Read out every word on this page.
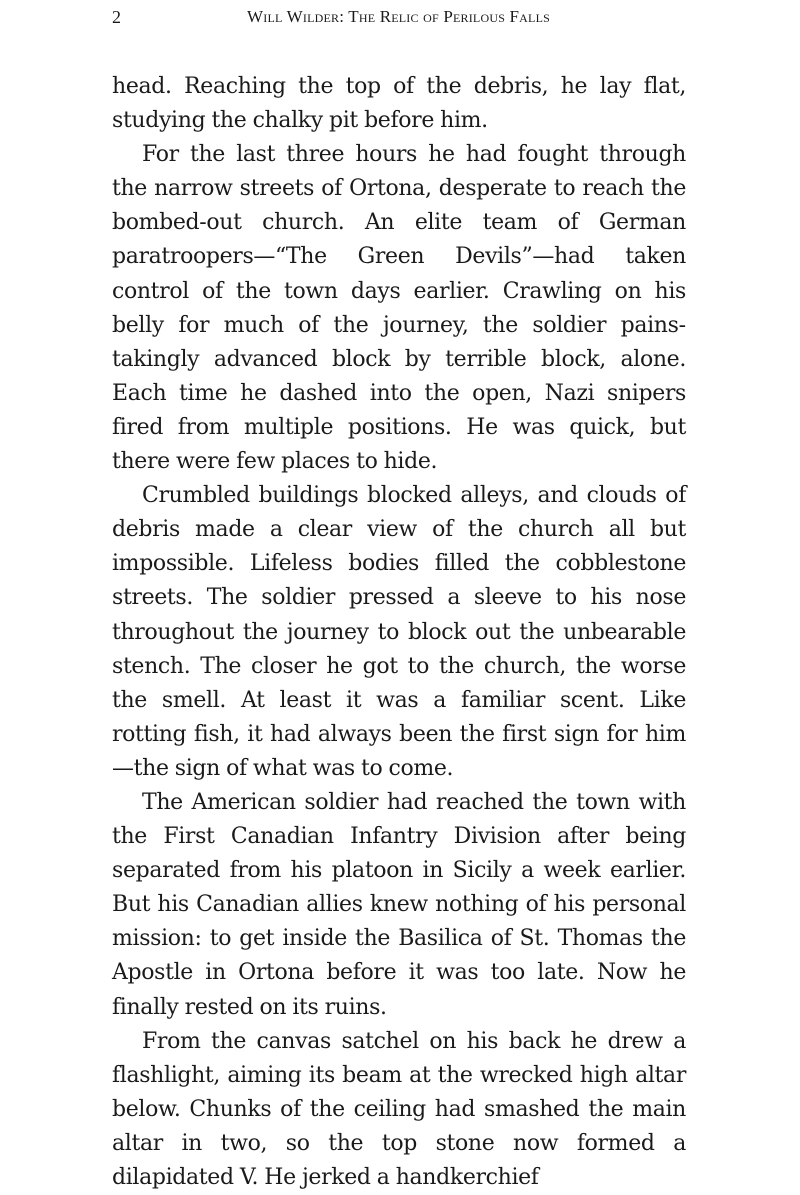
2	Will Wilder: The Relic of Perilous Falls

head. Reaching the top of the debris, he lay flat, studying the chalky pit before him.

For the last three hours he had fought through the narrow streets of Ortona, desperate to reach the bombed-out church. An elite team of German paratroopers—“The Green Devils”—had taken control of the town days earlier. Crawling on his belly for much of the journey, the soldier painstakingly advanced block by terrible block, alone. Each time he dashed into the open, Nazi snipers fired from multiple positions. He was quick, but there were few places to hide.

Crumbled buildings blocked alleys, and clouds of debris made a clear view of the church all but impossible. Lifeless bodies filled the cobblestone streets. The soldier pressed a sleeve to his nose throughout the journey to block out the unbearable stench. The closer he got to the church, the worse the smell. At least it was a familiar scent. Like rotting fish, it had always been the first sign for him—the sign of what was to come.

The American soldier had reached the town with the First Canadian Infantry Division after being separated from his platoon in Sicily a week earlier. But his Canadian allies knew nothing of his personal mission: to get inside the Basilica of St. Thomas the Apostle in Ortona before it was too late. Now he finally rested on its ruins.

From the canvas satchel on his back he drew a flashlight, aiming its beam at the wrecked high altar below. Chunks of the ceiling had smashed the main altar in two, so the top stone now formed a dilapidated V. He jerked a handkerchief
